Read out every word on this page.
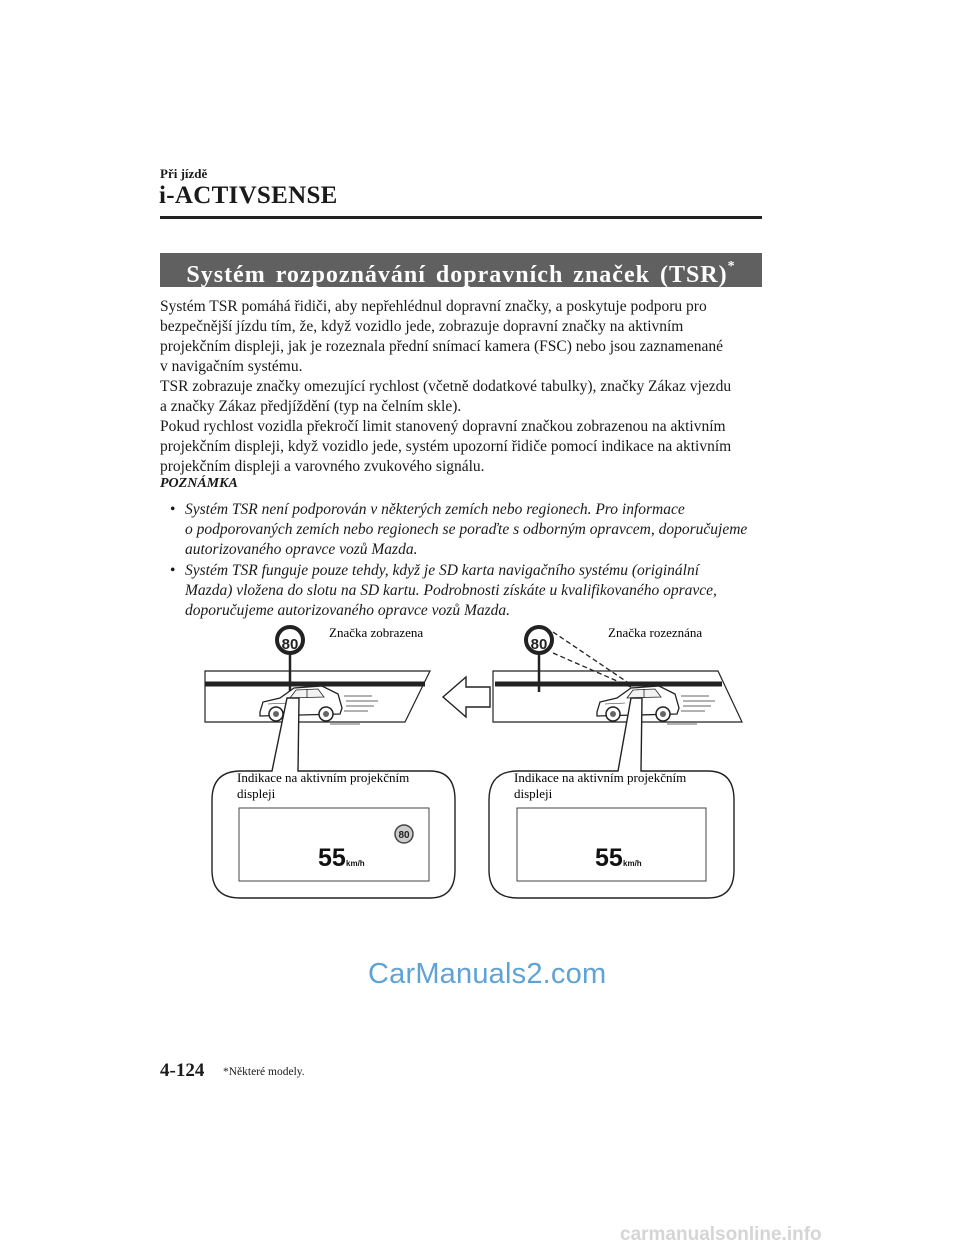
Při jízdě
i-ACTIVSENSE
Systém rozpoznávání dopravních značek (TSR)*

Systém TSR pomáhá řidiči, aby nepřehlédnul dopravní značky, a poskytuje podporu pro

bezpečnější jízdu tím, že, když vozidlo jede, zobrazuje dopravní značky na aktivním

projekčním displeji, jak je rozeznala přední snímací kamera (FSC) nebo jsou zaznamenané

v navigačním systému.

TSR zobrazuje značky omezující rychlost (včetně dodatkové tabulky), značky Zákaz vjezdu

a značky Zákaz předjíždění (typ na čelním skle).

Pokud rychlost vozidla překročí limit stanovený dopravní značkou zobrazenou na aktivním

projekčním displeji, když vozidlo jede, systém upozorní řidiče pomocí indikace na aktivním

projekčním displeji a varovného zvukového signálu.

POZNÁMKA
• Systém TSR není podporován v některých zemích nebo regionech. Pro informace
o podporovaných zemích nebo regionech se poraďte s odborným opravcem, doporučujeme
autorizovaného opravce vozů Mazda.
• Systém TSR funguje pouze tehdy, když je SD karta navigačního systému (originální
Mazda) vložena do slotu na SD kartu. Podrobnosti získáte u kvalifikovaného opravce,
doporučujeme autorizovaného opravce vozů Mazda.
Značka zobrazena	Značka rozeznána
80	80
Indikace na aktivním projekčním
displeji
Indikace na aktivním projekčním
displeji
80
55 km/h	55 km/h
CarManuals2.com
4-124 *Některé modely.
carmanualsonline.info
